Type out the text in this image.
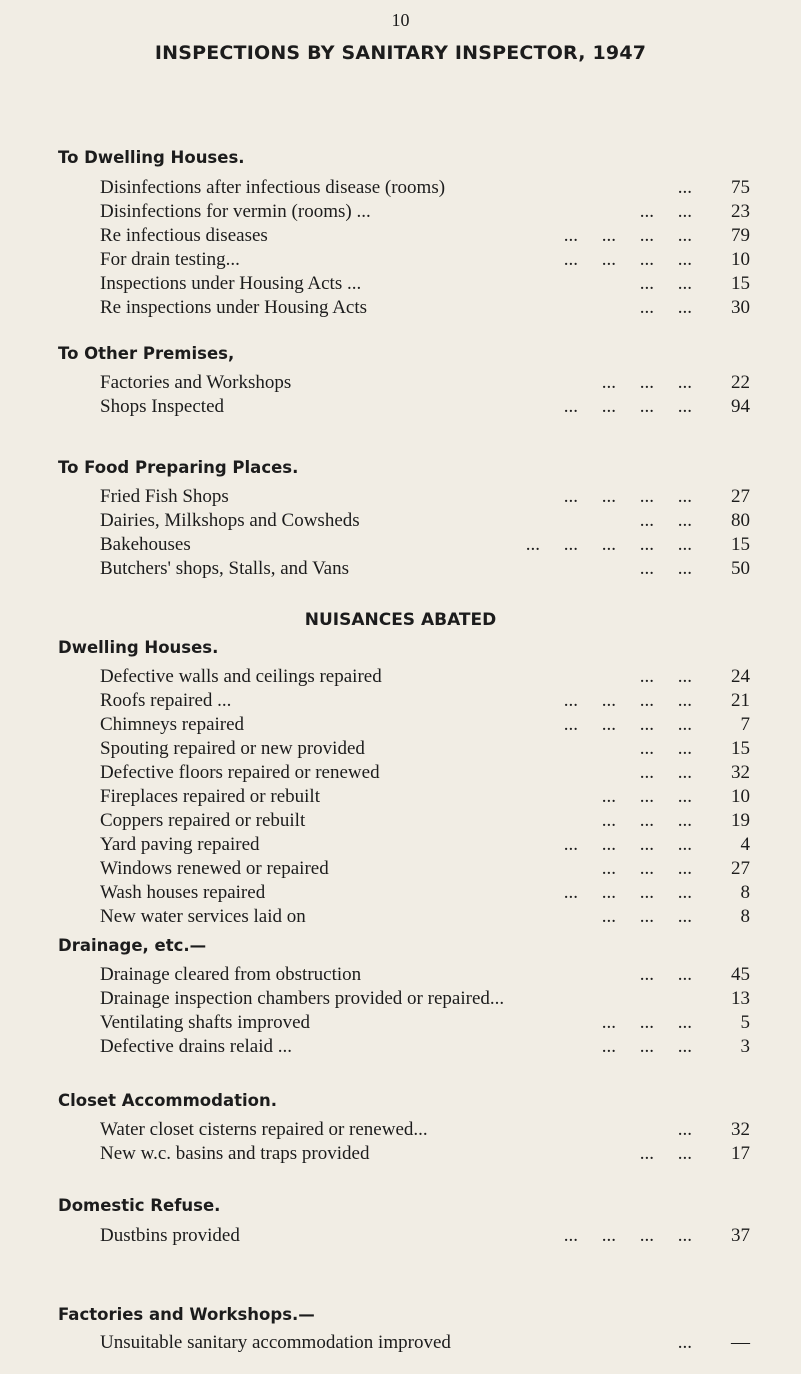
10
INSPECTIONS BY SANITARY INSPECTOR, 1947
To Dwelling Houses.
To Other Premises,
To Food Preparing Places.
NUISANCES ABATED
Dwelling Houses.
Drainage, etc.—
Closet Accommodation.
Domestic Refuse.
Factories and Workshops.—
Disinfections after infectious disease (rooms)	...	75
Disinfections for vermin (rooms) ...	...     ...	23
Re infectious diseases	...     ...     ...     ...	79
For drain testing...	...     ...     ...     ...	10
Inspections under Housing Acts ...	...     ...	15
Re inspections under Housing Acts	...     ...	30
Factories and Workshops	...     ...     ...	22
Shops Inspected	...     ...     ...     ...	94
Fried Fish Shops	...     ...     ...     ...	27
Dairies, Milkshops and Cowsheds	...     ...	80
Bakehouses	...     ...     ...     ...     ...	15
Butchers' shops, Stalls, and Vans	...     ...	50
Defective walls and ceilings repaired	...     ...	24
Roofs repaired ...	...     ...     ...     ...	21
Chimneys repaired	...     ...     ...     ...	7
Spouting repaired or new provided	...     ...	15
Defective floors repaired or renewed	...     ...	32
Fireplaces repaired or rebuilt	...     ...     ...	10
Coppers repaired or rebuilt	...     ...     ...	19
Yard paving repaired	...     ...     ...     ...	4
Windows renewed or repaired	...     ...     ...	27
Wash houses repaired	...     ...     ...     ...	8
New water services laid on	...     ...     ...	8
Drainage cleared from obstruction	...     ...	45
Drainage inspection chambers provided or repaired...	13
Ventilating shafts improved	...     ...     ...	5
Defective drains relaid ...	...     ...     ...	3
Water closet cisterns repaired or renewed...	...	32
New w.c. basins and traps provided	...     ...	17
Dustbins provided	...     ...     ...     ...	37
Unsuitable sanitary accommodation improved	...	—
